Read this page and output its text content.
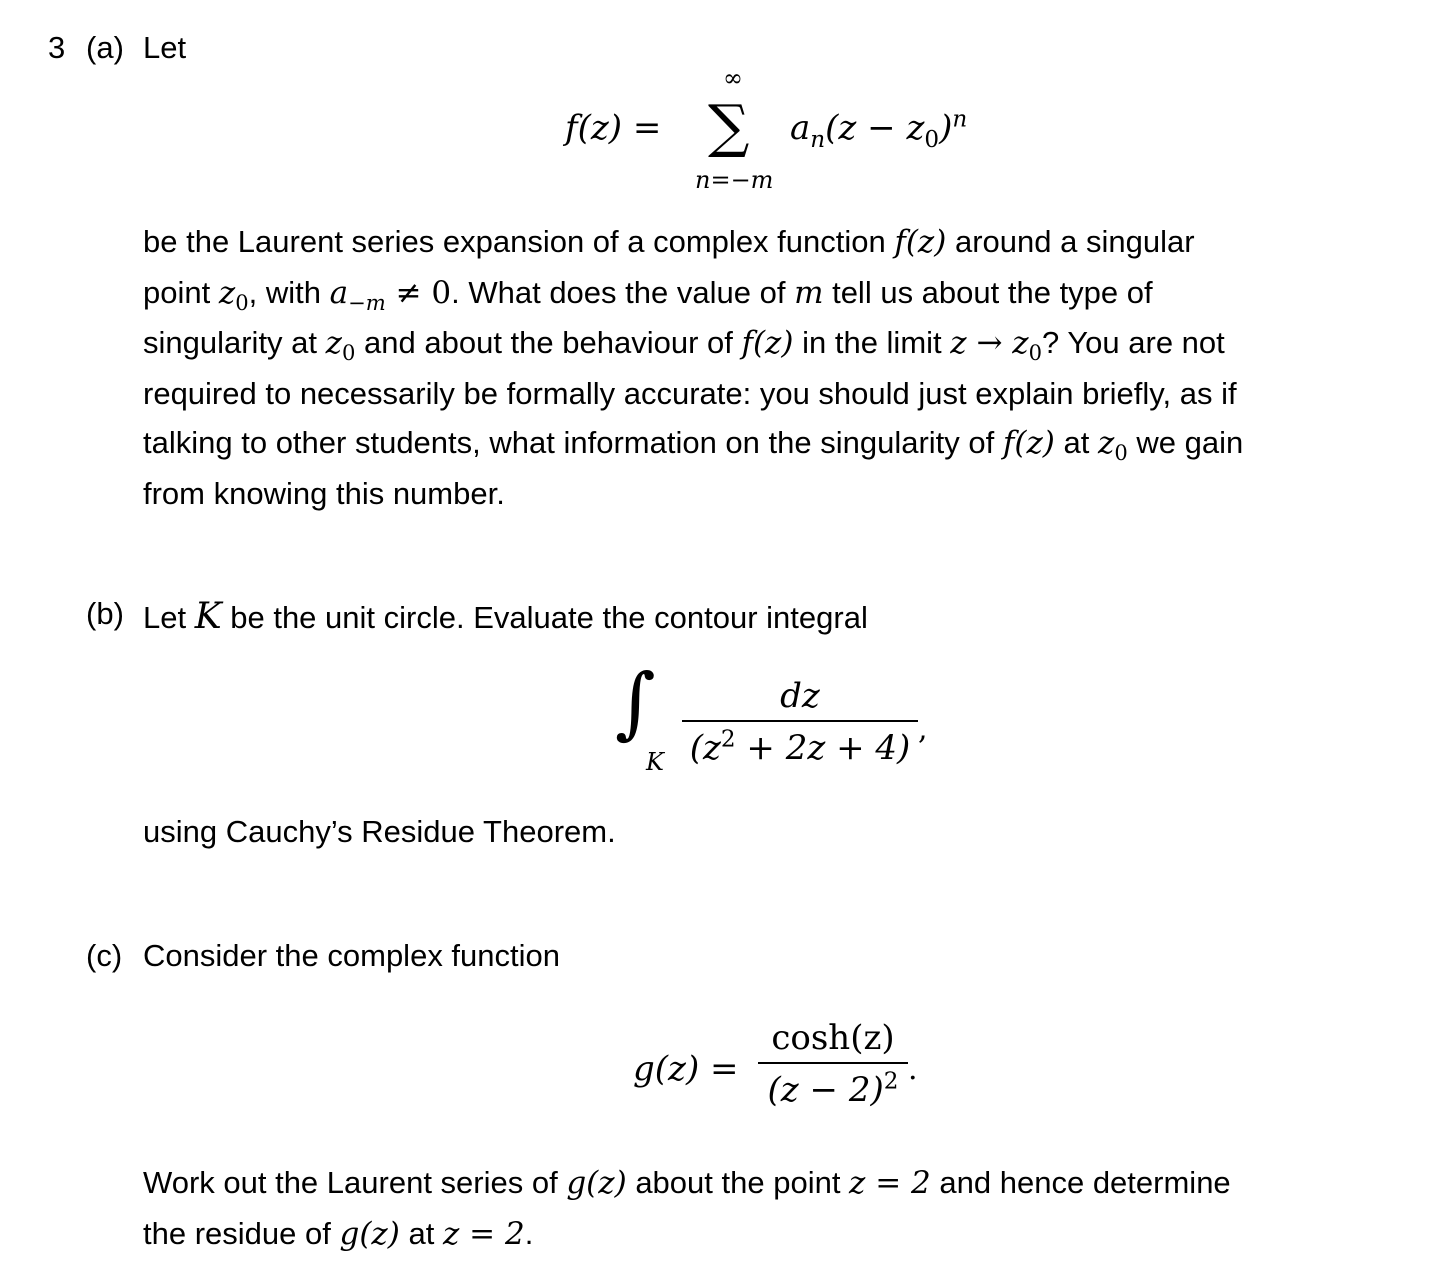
3 (a) Let
f(z) =
∞
∑
n=−m
$a_n(z - z_0)^n$
be the Laurent series expansion of a complex function f(z) around a singular
point $z_0$, with $a_{-m} \ne 0$. What does the value of m tell us about the type of
singularity at $z_0$ and about the behaviour of f(z) in the limit $z \to z_0$? You are not
required to necessarily be formally accurate: you should just explain briefly, as if
talking to other students, what information on the singularity of f(z) at $z_0$ we gain
from knowing this number.
(b) Let K be the unit circle. Evaluate the contour integral
∫
K
dz
$(z^2 + 2z + 4)$ ,
using Cauchy’s Residue Theorem.
(c) Consider the complex function
g(z) =
cosh(z)
$(z - 2)^2$ .
Work out the Laurent series of g(z) about the point z = 2 and hence determine
the residue of g(z) at z = 2.
